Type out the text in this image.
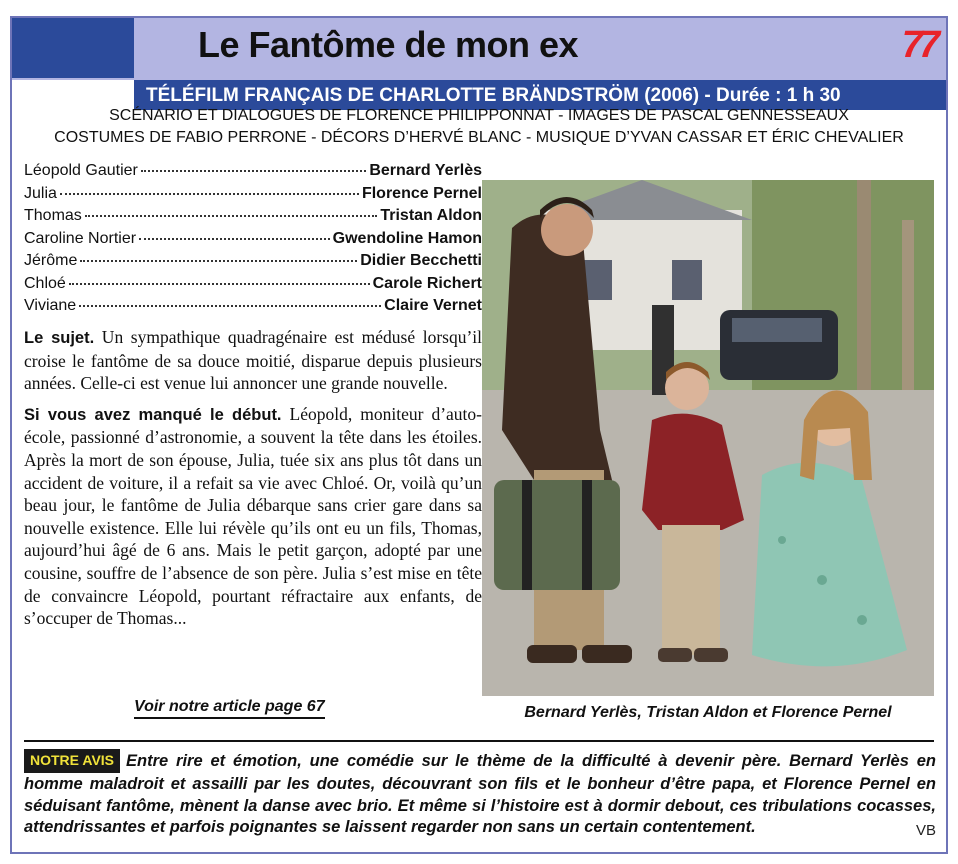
Le Fantôme de mon ex	77
TÉLÉFILM FRANÇAIS DE CHARLOTTE BRÄNDSTRÖM (2006) - Durée : 1 h 30
SCÉNARIO ET DIALOGUES DE FLORENCE PHILIPPONNAT - IMAGES DE PASCAL GENNESSEAUX
COSTUMES DE FABIO PERRONE - DÉCORS D’HERVÉ BLANC - MUSIQUE D’YVAN CASSAR ET ÉRIC CHEVALIER
Léopold Gautier	Bernard Yerlès
Julia	Florence Pernel
Thomas	Tristan Aldon
Caroline Nortier	Gwendoline Hamon
Jérôme	Didier Becchetti
Chloé	Carole Richert
Viviane	Claire Vernet

Le sujet. Un sympathique quadragénaire est médusé lorsqu’il croise le fantôme de sa douce moitié, disparue depuis plusieurs années. Celle-ci est venue lui annoncer une grande nouvelle.

Si vous avez manqué le début. Léopold, moniteur d’auto-école, passionné d’astronomie, a souvent la tête dans les étoiles. Après la mort de son épouse, Julia, tuée six ans plus tôt dans un accident de voiture, il a refait sa vie avec Chloé. Or, voilà qu’un beau jour, le fantôme de Julia débarque sans crier gare dans sa nouvelle existence. Elle lui révèle qu’ils ont eu un fils, Thomas, aujourd’hui âgé de 6 ans. Mais le petit garçon, adopté par une cousine, souffre de l’absence de son père. Julia s’est mise en tête de convaincre Léopold, pourtant réfractaire aux enfants, de s’occuper de Thomas...

Voir notre article page 67	Bernard Yerlès, Tristan Aldon et Florence Pernel
NOTRE AVIS Entre rire et émotion, une comédie sur le thème de la difficulté à devenir père. Bernard Yerlès en homme maladroit et assailli par les doutes, découvrant son fils et le bonheur d’être papa, et Florence Pernel en séduisant fantôme, mènent la danse avec brio. Et même si l’histoire est à dormir debout, ces tribulations cocasses, attendrissantes et parfois poignantes se laissent regarder non sans un certain contentement.	VB
